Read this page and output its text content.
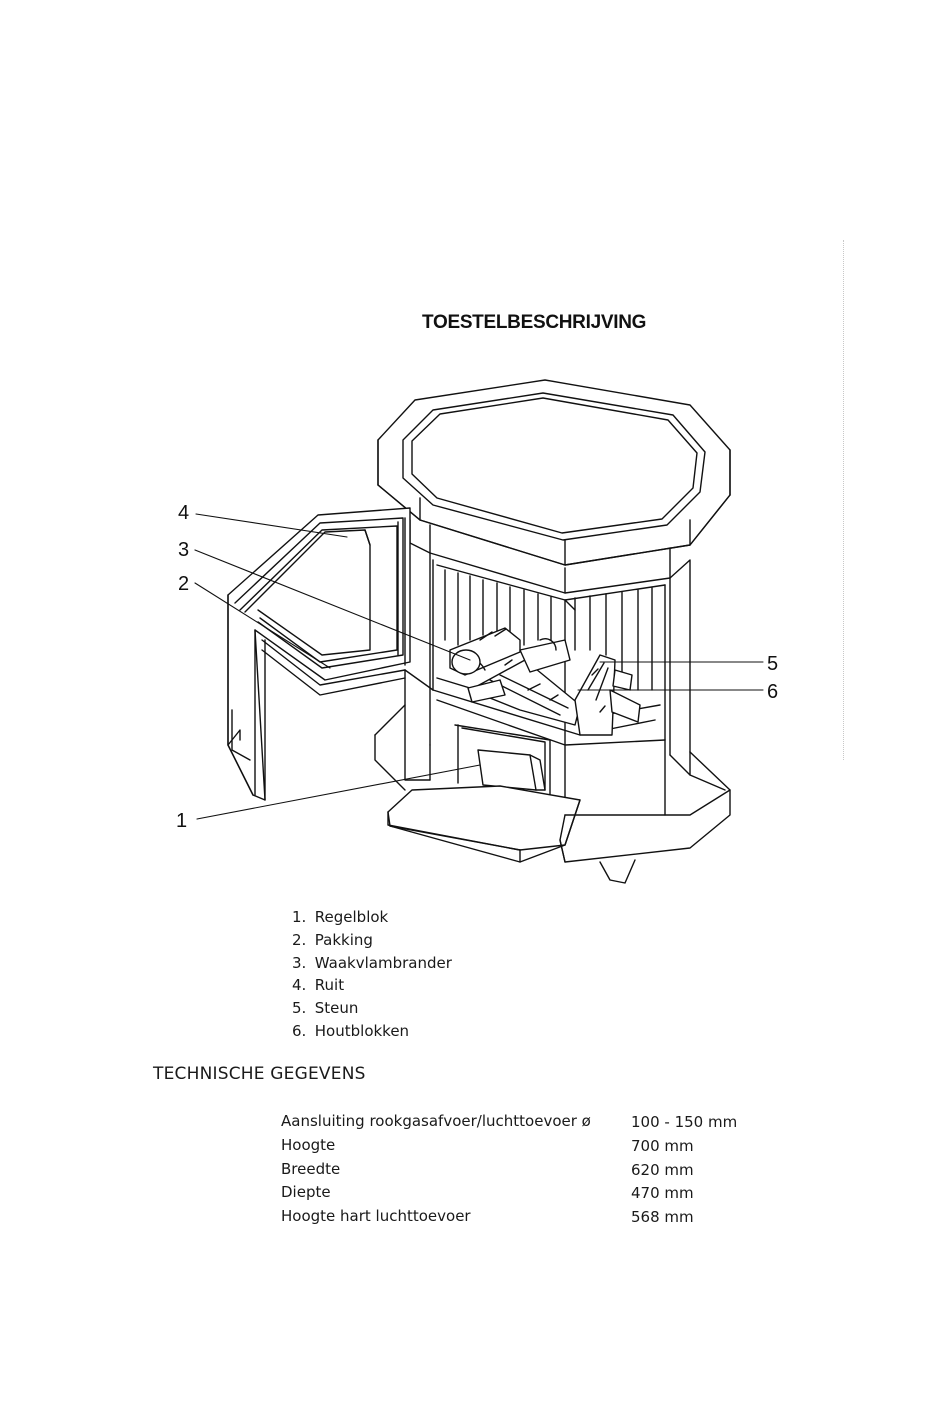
TOESTELBESCHRIJVING
4
3
2
1
5
6
1. Regelblok
2. Pakking
3. Waakvlambrander
4. Ruit
5. Steun
6. Houtblokken
TECHNISCHE GEGEVENS
Aansluiting rookgasafvoer/luchttoevoer ø	100 - 150 mm
Hoogte	700 mm
Breedte	620 mm
Diepte	470 mm
Hoogte hart luchttoevoer	568 mm
